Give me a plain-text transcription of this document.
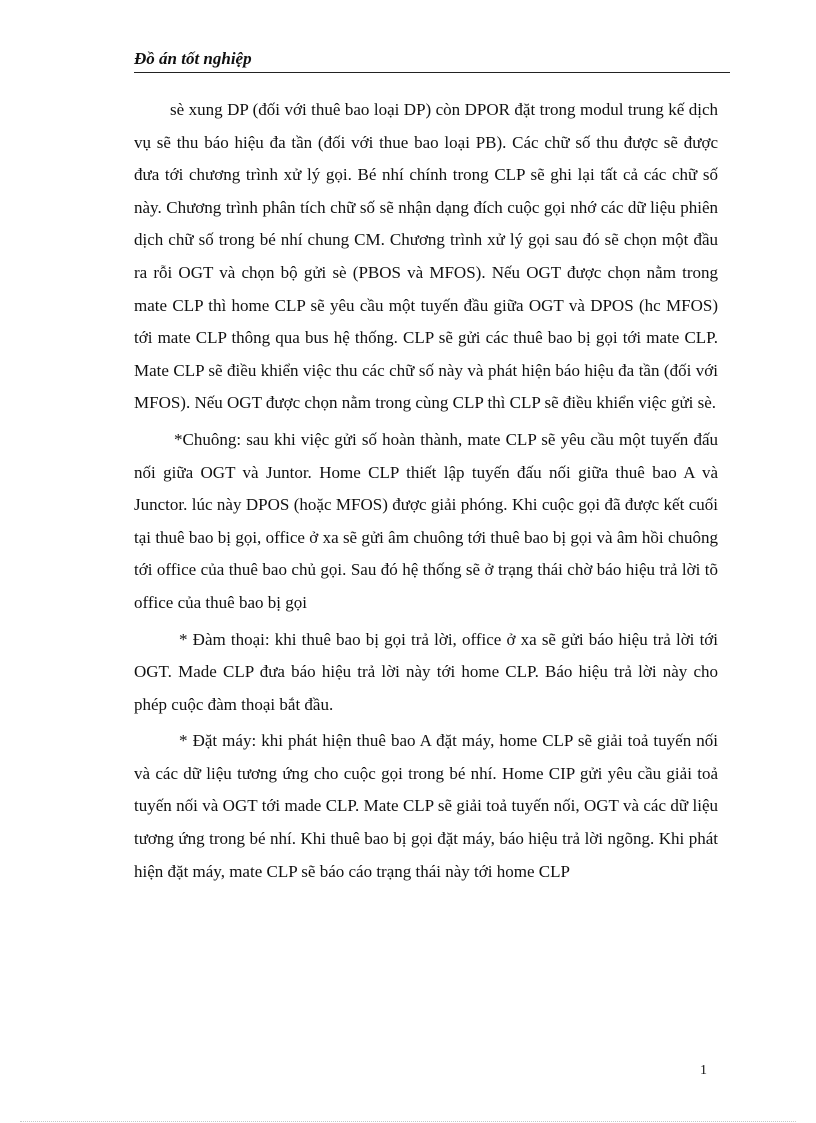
Đồ án tốt nghiệp

sè xung DP (đối với thuê bao loại DP) còn DPOR đặt trong modul trung kế dịch vụ sẽ thu báo hiệu đa tần (đối với thue bao loại PB). Các chữ số thu được sẽ được đưa tới chương trình xử lý gọi. Bé nhí chính trong CLP sẽ ghi lại tất cả các chữ số này. Chương trình phân tích chữ số sẽ nhận dạng đích cuộc gọi nhớ các dữ liệu phiên dịch chữ số trong bé nhí chung CM. Chương trình xử lý gọi sau đó sẽ chọn một đầu ra rỗi OGT và chọn bộ gửi sè (PBOS và MFOS). Nếu OGT được chọn nằm trong mate CLP thì home CLP sẽ yêu cầu một tuyến đầu giữa OGT và DPOS (hc MFOS) tới mate CLP thông qua bus hệ thống. CLP sẽ gửi các thuê bao bị gọi tới mate CLP. Mate CLP sẽ điều khiển việc thu các chữ số này và phát hiện báo hiệu đa tần (đối với MFOS). Nếu OGT được chọn nằm trong cùng CLP thì CLP sẽ điều khiển việc gửi sè.

*Chuông: sau khi việc gửi số hoàn thành, mate CLP sẽ yêu cầu một tuyến đấu nối giữa OGT và Juntor. Home CLP thiết lập tuyến đấu nối giữa thuê bao A và Junctor. lúc này DPOS (hoặc MFOS) được giải phóng. Khi cuộc gọi đã được kết cuối tại thuê bao bị gọi, office ở xa sẽ gửi âm chuông tới thuê bao bị gọi và âm hồi chuông tới office của thuê bao chủ gọi. Sau đó hệ thống sẽ ở trạng thái chờ báo hiệu trả lời tõ office của thuê bao bị gọi

* Đàm thoại: khi thuê bao bị gọi trả lời, office ở xa sẽ gửi báo hiệu trả lời tới OGT. Made CLP đưa báo hiệu trả lời này tới home CLP. Báo hiệu trả lời này cho phép cuộc đàm thoại bắt đầu.

* Đặt máy: khi phát hiện thuê bao A đặt máy, home CLP sẽ giải toả tuyến nối và các dữ liệu tương ứng cho cuộc gọi trong bé nhí. Home CIP gửi yêu cầu giải toả tuyến nối và OGT tới made CLP. Mate CLP sẽ giải toả tuyến nối, OGT và các dữ liệu tương ứng trong bé nhí. Khi thuê bao bị gọi đặt máy, báo hiệu trả lời ngõng. Khi phát hiện đặt máy, mate CLP sẽ báo cáo trạng thái này tới home CLP

1
